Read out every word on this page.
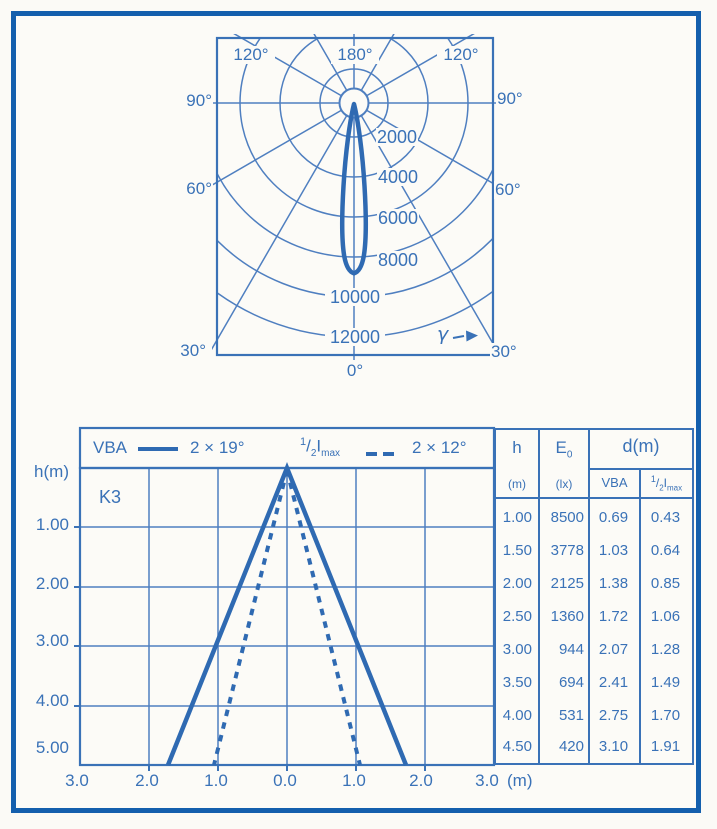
120°	180°	120°
90°	90°
60°	60°
30°	30°
0°
γ
2000
4000
6000
8000
10000
12000
VBA	2 × 19°	$^1/_2I_{max}$	2 × 12°
K3
h(m)
1.00
2.00
3.00
4.00
5.00
3.0	2.0	1.0	0.0	1.0	2.0	3.0 (m)
h
(m)
$E_0$
(lx)
d(m)
VBA	$^1/_2I_{max}$
1.00	8500 0.69	0.43
1.50	3778 1.03	0.64
2.00	2125 1.38	0.85
2.50	1360 1.72	1.06
3.00	944 2.07	1.28
3.50	694 2.41	1.49
4.00	531 2.75	1.70
4.50	420 3.10	1.91
